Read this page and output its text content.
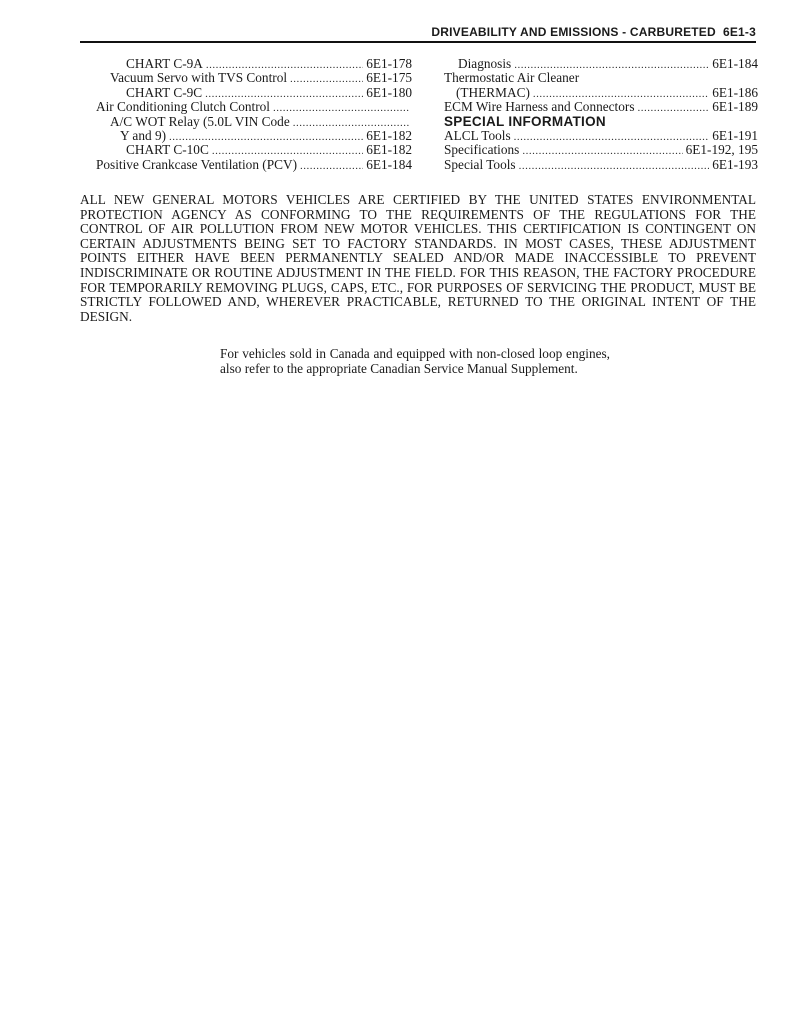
DRIVEABILITY AND EMISSIONS - CARBURETED 6E1-3
CHART C-9A .....	6E1-178
Vacuum Servo with TVS Control .....	6E1-175
CHART C-9C .....	6E1-180
Air Conditioning Clutch Control
.....
A/C WOT Relay (5.0L VIN Code
.....
Y and 9) .....	6E1-182
CHART C-10C .....	6E1-182
Positive Crankcase Ventilation (PCV) .....	6E1-184
Diagnosis .....	6E1-184
Thermostatic Air Cleaner
(THERMAC) .....	6E1-186
ECM Wire Harness and Connectors .....	6E1-189
SPECIAL INFORMATION
ALCL Tools .....	6E1-191
Specifications .....	6E1-192, 195
Special Tools .....	6E1-193
ALL NEW GENERAL MOTORS VEHICLES ARE CERTIFIED BY THE UNITED STATES ENVIRONMENTAL PROTECTION AGENCY AS CONFORMING TO THE REQUIREMENTS OF THE REGULATIONS FOR THE CONTROL OF AIR POLLUTION FROM NEW MOTOR VEHICLES. THIS CERTIFICATION IS CONTINGENT ON CERTAIN ADJUSTMENTS BEING SET TO FACTORY STANDARDS. IN MOST CASES, THESE ADJUSTMENT POINTS EITHER HAVE BEEN PERMANENTLY SEALED AND/OR MADE INACCESSIBLE TO PREVENT INDISCRIMINATE OR ROUTINE ADJUSTMENT IN THE FIELD. FOR THIS REASON, THE FACTORY PROCEDURE FOR TEMPORARILY REMOVING PLUGS, CAPS, ETC., FOR PURPOSES OF SERVICING THE PRODUCT, MUST BE STRICTLY FOLLOWED AND, WHEREVER PRACTICABLE, RETURNED TO THE ORIGINAL INTENT OF THE DESIGN.
For vehicles sold in Canada and equipped with non-closed loop engines, also refer to the appropriate Canadian Service Manual Supplement.
